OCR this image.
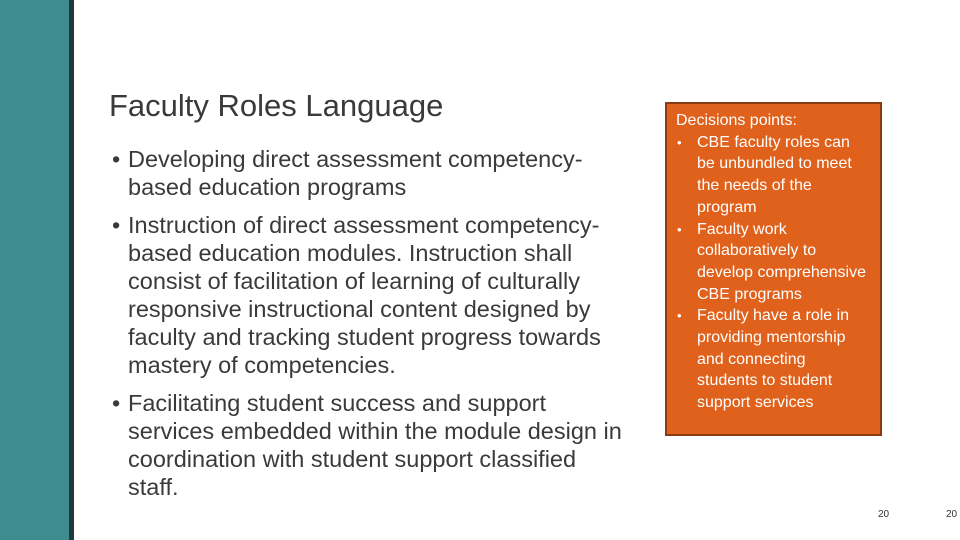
Faculty Roles Language
• Developing direct assessment competency-based education programs
• Instruction of direct assessment competency-based education modules. Instruction shall consist of facilitation of learning of culturally responsive instructional content designed by faculty and tracking student progress towards mastery of competencies.
• Facilitating student success and support services embedded within the module design in coordination with student support classified staff.

Decisions points:

• CBE faculty roles can be unbundled to meet the needs of the program
• Faculty work collaboratively to develop comprehensive CBE programs
• Faculty have a role in providing mentorship and connecting students to student support services
20	20
